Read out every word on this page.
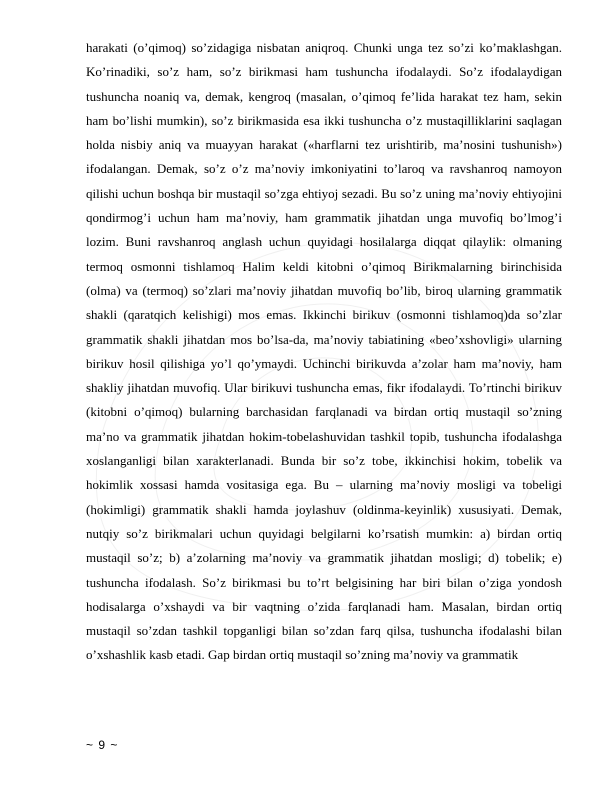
harakati (o’qimoq) so’zidagiga nisbatan aniqroq. Chunki unga tez so’zi ko’maklashgan. Ko’rinadiki, so’z ham, so’z birikmasi ham tushuncha ifodalaydi. So’z ifodalaydigan tushuncha noaniq va, demak, kengroq (masalan, o’qimoq fe’lida harakat tez ham, sekin ham bo’lishi mumkin), so’z birikmasida esa ikki tushuncha o’z mustaqilliklarini saqlagan holda nisbiy aniq va muayyan harakat («harflarni tez urishtirib, ma’nosini tushunish») ifodalangan. Demak, so’z o’z ma’noviy imkoniyatini to’laroq va ravshanroq namoyon qilishi uchun boshqa bir mustaqil so’zga ehtiyoj sezadi. Bu so’z uning ma’noviy ehtiyojini qondirmog’i uchun ham ma’noviy, ham grammatik jihatdan unga muvofiq bo’lmog’i lozim. Buni ravshanroq anglash uchun quyidagi hosilalarga diqqat qilaylik: olmaning termoq osmonni tishlamoq Halim keldi kitobni o’qimoq Birikmalarning birinchisida (olma) va (termoq) so’zlari ma’noviy jihatdan muvofiq bo’lib, biroq ularning grammatik shakli (qaratqich kelishigi) mos emas. Ikkinchi birikuv (osmonni tishlamoq)da so’zlar grammatik shakli jihatdan mos bo’lsa-da, ma’noviy tabiatining «beo’xshovligi» ularning birikuv hosil qilishiga yo’l qo’ymaydi. Uchinchi birikuvda a’zolar ham ma’noviy, ham shakliy jihatdan muvofiq. Ular birikuvi tushuncha emas, fikr ifodalaydi. To’rtinchi birikuv (kitobni o’qimoq) bularning barchasidan farqlanadi va birdan ortiq mustaqil so’zning ma’no va grammatik jihatdan hokim-tobelashuvidan tashkil topib, tushuncha ifodalashga xoslanganligi bilan xarakterlanadi. Bunda bir so’z tobe, ikkinchisi hokim, tobelik va hokimlik xossasi hamda vositasiga ega. Bu – ularning ma’noviy mosligi va tobeligi (hokimligi) grammatik shakli hamda joylashuv (oldinma-keyinlik) xususiyati. Demak, nutqiy so’z birikmalari uchun quyidagi belgilarni ko’rsatish mumkin: a) birdan ortiq mustaqil so’z; b) a’zolarning ma’noviy va grammatik jihatdan mosligi; d) tobelik; e) tushuncha ifodalash. So’z birikmasi bu to’rt belgisining har biri bilan o’ziga yondosh hodisalarga o’xshaydi va bir vaqtning o’zida farqlanadi ham. Masalan, birdan ortiq mustaqil so’zdan tashkil topganligi bilan so’zdan farq qilsa, tushuncha ifodalashi bilan o’xshashlik kasb etadi. Gap birdan ortiq mustaqil so’zning ma’noviy va grammatik
~ 9 ~
